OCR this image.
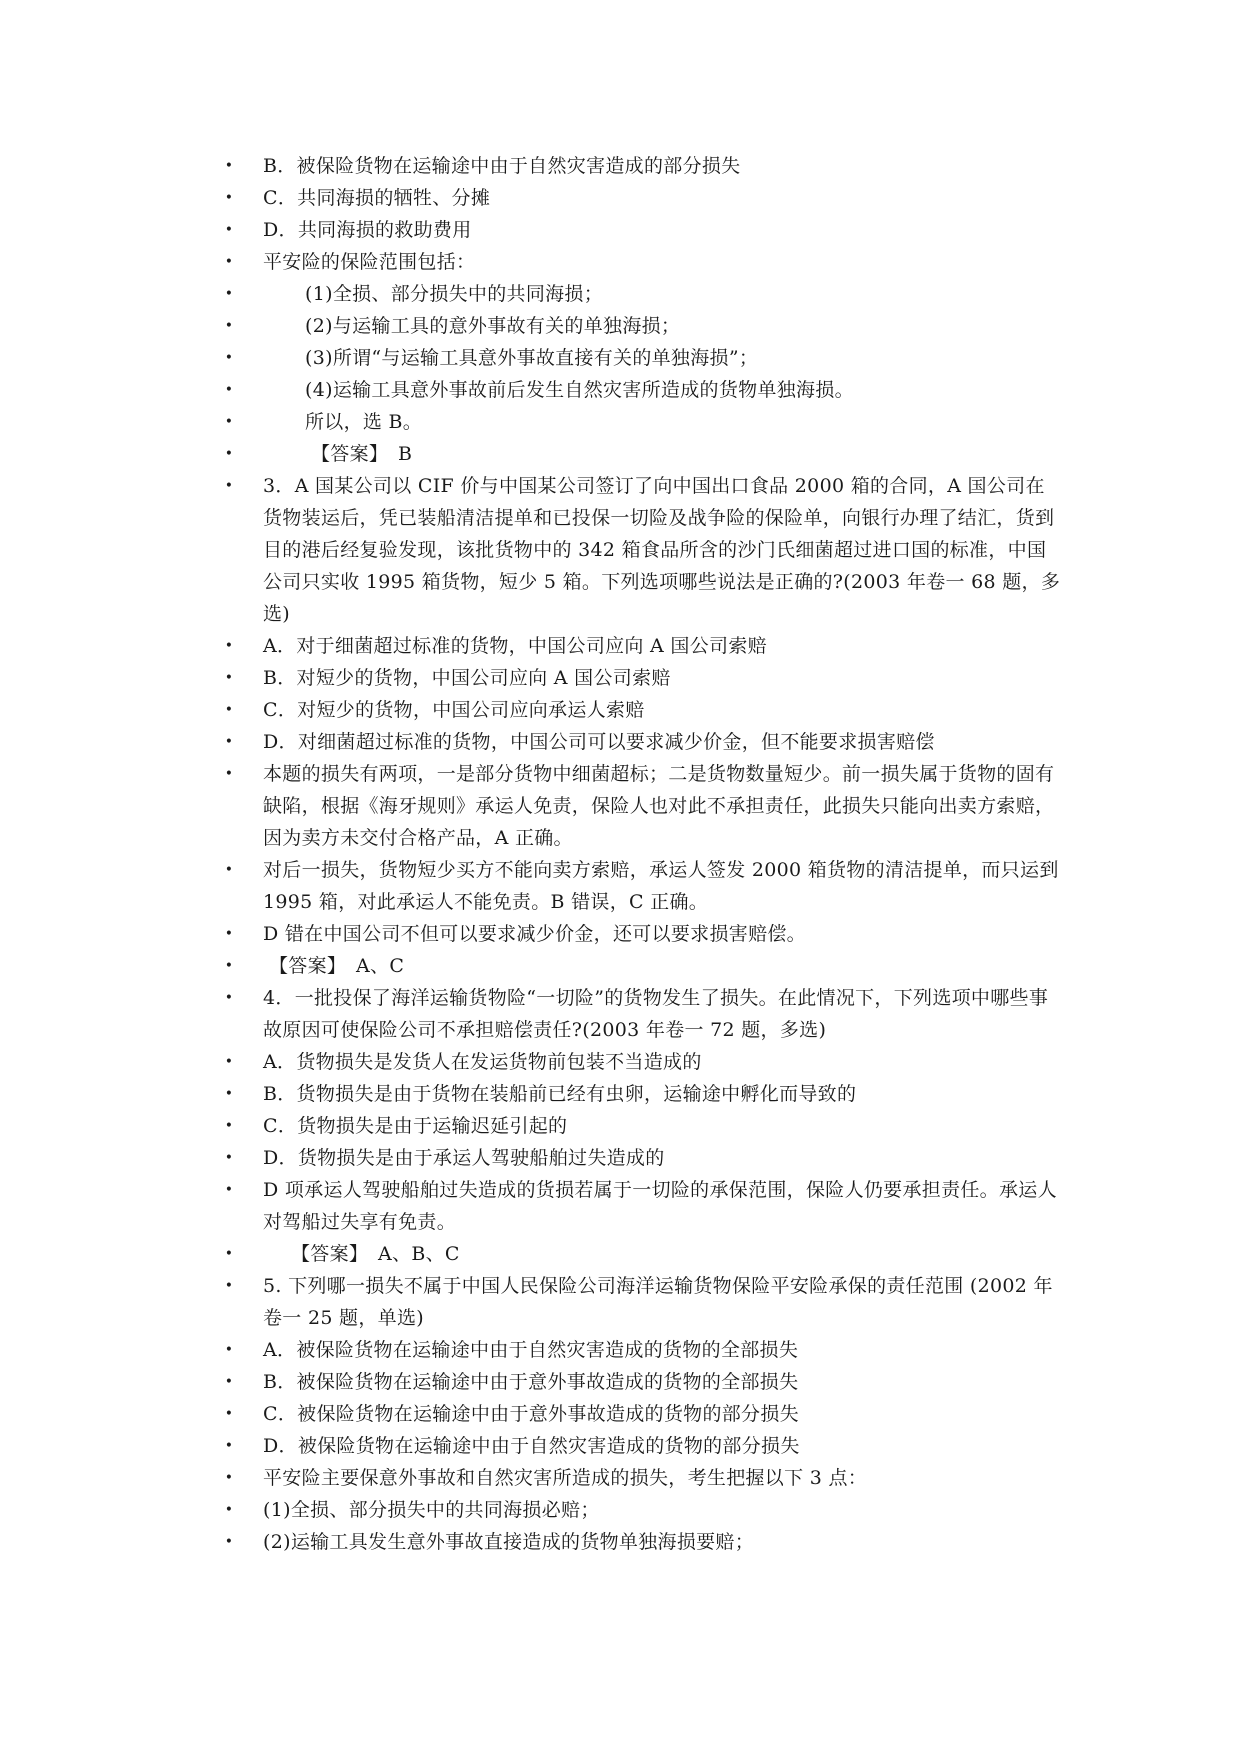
• B．被保险货物在运输途中由于自然灾害造成的部分损失
• C．共同海损的牺牲、分摊
• D．共同海损的救助费用
• 平安险的保险范围包括：
•	(1)全损、部分损失中的共同海损；
•	(2)与运输工具的意外事故有关的单独海损；
•	(3)所谓“与运输工具意外事故直接有关的单独海损”；
•	(4)运输工具意外事故前后发生自然灾害所造成的货物单独海损。
•	所以，选 B。
•	【答案】　B
• 3．A 国某公司以 CIF 价与中国某公司签订了向中国出口食品 2000 箱的合同，A 国公司在货物装运后，凭已装船清洁提单和已投保一切险及战争险的保险单，向银行办理了结汇，货到目的港后经复验发现，该批货物中的 342 箱食品所含的沙门氏细菌超过进口国的标准，中国公司只实收 1995 箱货物，短少 5 箱。下列选项哪些说法是正确的?(2003 年卷一 68 题，多选)
• A．对于细菌超过标准的货物，中国公司应向 A 国公司索赔
• B．对短少的货物，中国公司应向 A 国公司索赔
• C．对短少的货物，中国公司应向承运人索赔
• D．对细菌超过标准的货物，中国公司可以要求减少价金，但不能要求损害赔偿
• 本题的损失有两项，一是部分货物中细菌超标；二是货物数量短少。前一损失属于货物的固有缺陷，根据《海牙规则》承运人免责，保险人也对此不承担责任，此损失只能向出卖方索赔，因为卖方未交付合格产品，A 正确。
• 对后一损失，货物短少买方不能向卖方索赔，承运人签发 2000 箱货物的清洁提单，而只运到 1995 箱，对此承运人不能免责。B 错误，C 正确。
• D 错在中国公司不但可以要求减少价金，还可以要求损害赔偿。
•	【答案】　A、C
• 4．一批投保了海洋运输货物险“一切险”的货物发生了损失。在此情况下，下列选项中哪些事故原因可使保险公司不承担赔偿责任?(2003 年卷一 72 题，多选)
• A．货物损失是发货人在发运货物前包装不当造成的
• B．货物损失是由于货物在装船前已经有虫卵，运输途中孵化而导致的
• C．货物损失是由于运输迟延引起的
• D．货物损失是由于承运人驾驶船舶过失造成的
• D 项承运人驾驶船舶过失造成的货损若属于一切险的承保范围，保险人仍要承担责任。承运人对驾船过失享有免责。
•	【答案】　A、B、C
• 5. 下列哪一损失不属于中国人民保险公司海洋运输货物保险平安险承保的责任范围 (2002 年卷一 25 题，单选)
• A．被保险货物在运输途中由于自然灾害造成的货物的全部损失
• B．被保险货物在运输途中由于意外事故造成的货物的全部损失
• C．被保险货物在运输途中由于意外事故造成的货物的部分损失
• D．被保险货物在运输途中由于自然灾害造成的货物的部分损失
• 平安险主要保意外事故和自然灾害所造成的损失，考生把握以下 3 点：
• (1)全损、部分损失中的共同海损必赔；
• (2)运输工具发生意外事故直接造成的货物单独海损要赔；
